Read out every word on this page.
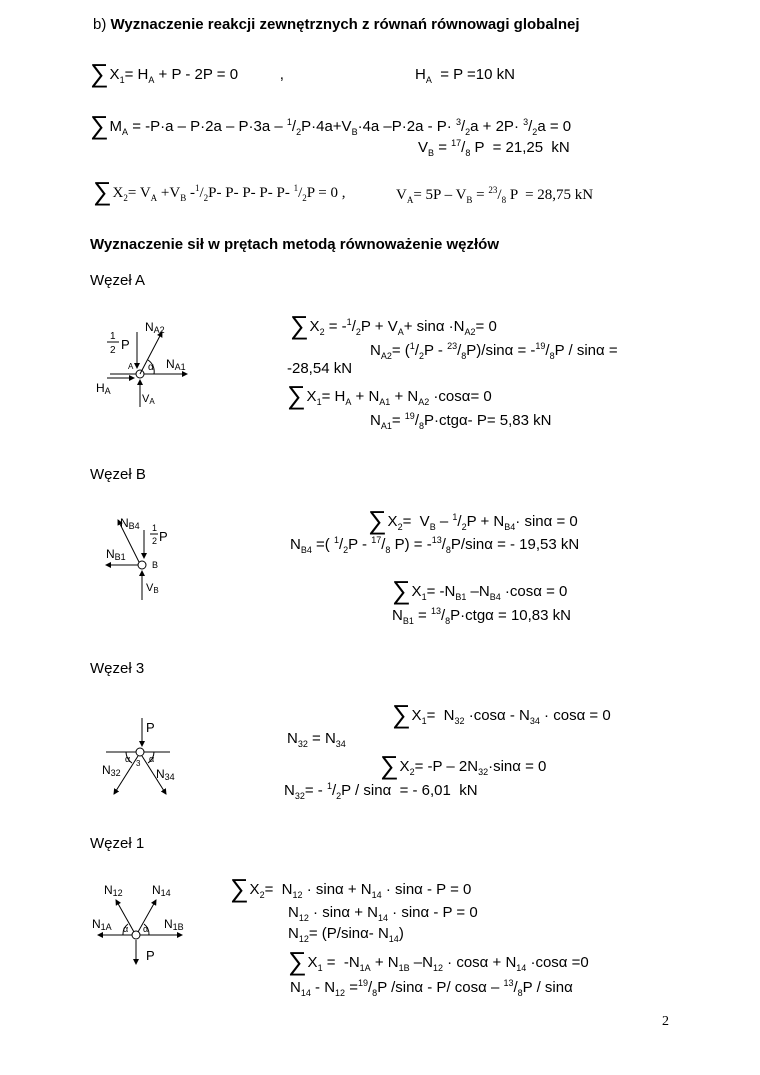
b) Wyznaczenie reakcji zewnętrznych z równań równowagi globalnej
$\sum X_1= H_A + P - 2P = 0$          ,	$H_A = P =10$ kN
$\sum M_A = -P\cdot a - P\cdot 2a - P\cdot 3a - ^1/_2P\cdot 4a+V_B\cdot 4a$ $-P\cdot 2a - P\cdot ^3/_2a + 2P\cdot ^3/_2a = 0$
$V_B = ^{17}/_8$ P  = 21,25  kN
$\sum X_2= V_A +V_B$ $-^1/_2P-$ P- P- P- P- $^1/_2P = 0$ ,	$V_A= 5P - V_B = ^{23}/_8$ P  = 28,75 kN
Wyznaczenie sił w prętach metodą równoważenie węzłów
Węzeł A
1
2 P
A
NA2
NA1
α
VA
HA
$\sum X_2 = -^1/_2P + V_A+ \sin\alpha \cdot N_{A2}= 0$
$N_{A2}= (^1/_2P - ^{23}/_8P)/\sin\alpha = -^{19}/_8P / \sin\alpha$ =
-28,54 kN
$\sum X_1= H_A + N_{A1} + N_{A2} \cdot\cos\alpha= 0$
$N_{A1}= ^{19}/_8P\cdot ctg\alpha-$ P= 5,83 kN
Węzeł B
NB4 1
2 P
NB1
B
VB
$\sum X_2= V_B - ^1/_2P + N_{B4}\cdot \sin\alpha = 0$
$N_{B4}$ =( $^1/_2P - ^{17}/_8$ $P) = -^{13}/_8P$/sinα = - 19,53 kN
$\sum X_1= -N_{B1}$ $-N_{B4} \cdot\cos\alpha = 0$
$N_{B1} = ^{13}/_8P\cdot ctg\alpha = 10,83$ kN
Węzeł 3
P
3
α α
N32	N34
$\sum X_1= N_{32} \cdot\cos\alpha - N_{34} \cdot \cos\alpha = 0$
$N_{32} = N_{34}$
$\sum X_2= -P - 2N_{32}\cdot\sin\alpha = 0$
$N_{32}= - ^1/_2P / \sin\alpha$  = - 6,01  kN
Węzeł 1
N12 N14
α α
N1A	N1B
P
$\sum X_2= N_{12} \cdot \sin\alpha + N_{14} \cdot \sin\alpha - P = 0$
$N_{12} \cdot \sin\alpha + N_{14} \cdot \sin\alpha - P = 0$
$N_{12}= (P/\sin\alpha-$ $N_{14}$)
$\sum X_1 = -N_{1A} + N_{1B}$ $-N_{12} \cdot \cos\alpha + N_{14} \cdot\cos\alpha =0$
$N_{14} - N_{12} =^{19}/_8P$ /sinα - P/ cosα – $^{13}/_8P$ / sinα
2
